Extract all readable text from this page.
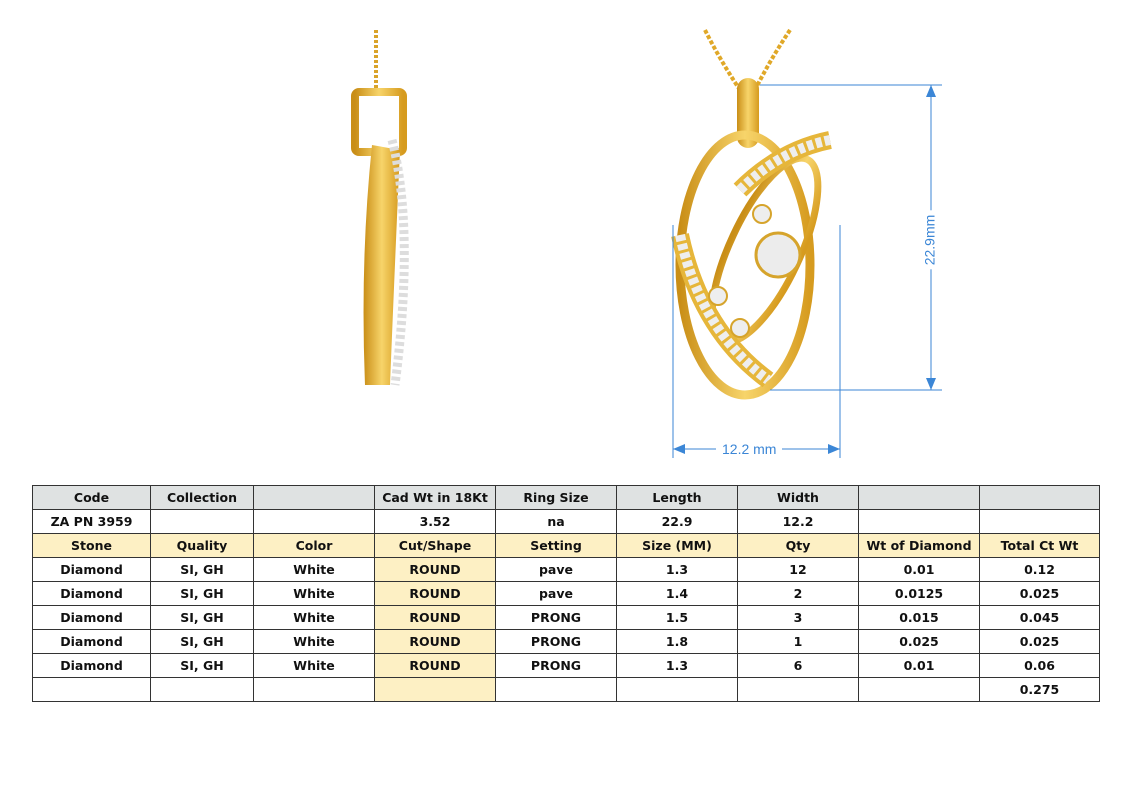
12.2 mm
22.9mm
Code	Collection		Cad Wt in 18Kt	Ring Size	Length	Width		
ZA PN 3959			3.52	na	22.9	12.2		
Stone	Quality	Color	Cut/Shape	Setting	Size (MM)	Qty	Wt of Diamond	Total Ct Wt
Diamond	SI, GH	White	ROUND	pave	1.3	12	0.01	0.12
Diamond	SI, GH	White	ROUND	pave	1.4	2	0.0125	0.025
Diamond	SI, GH	White	ROUND	PRONG	1.5	3	0.015	0.045
Diamond	SI, GH	White	ROUND	PRONG	1.8	1	0.025	0.025
Diamond	SI, GH	White	ROUND	PRONG	1.3	6	0.01	0.06
								0.275
